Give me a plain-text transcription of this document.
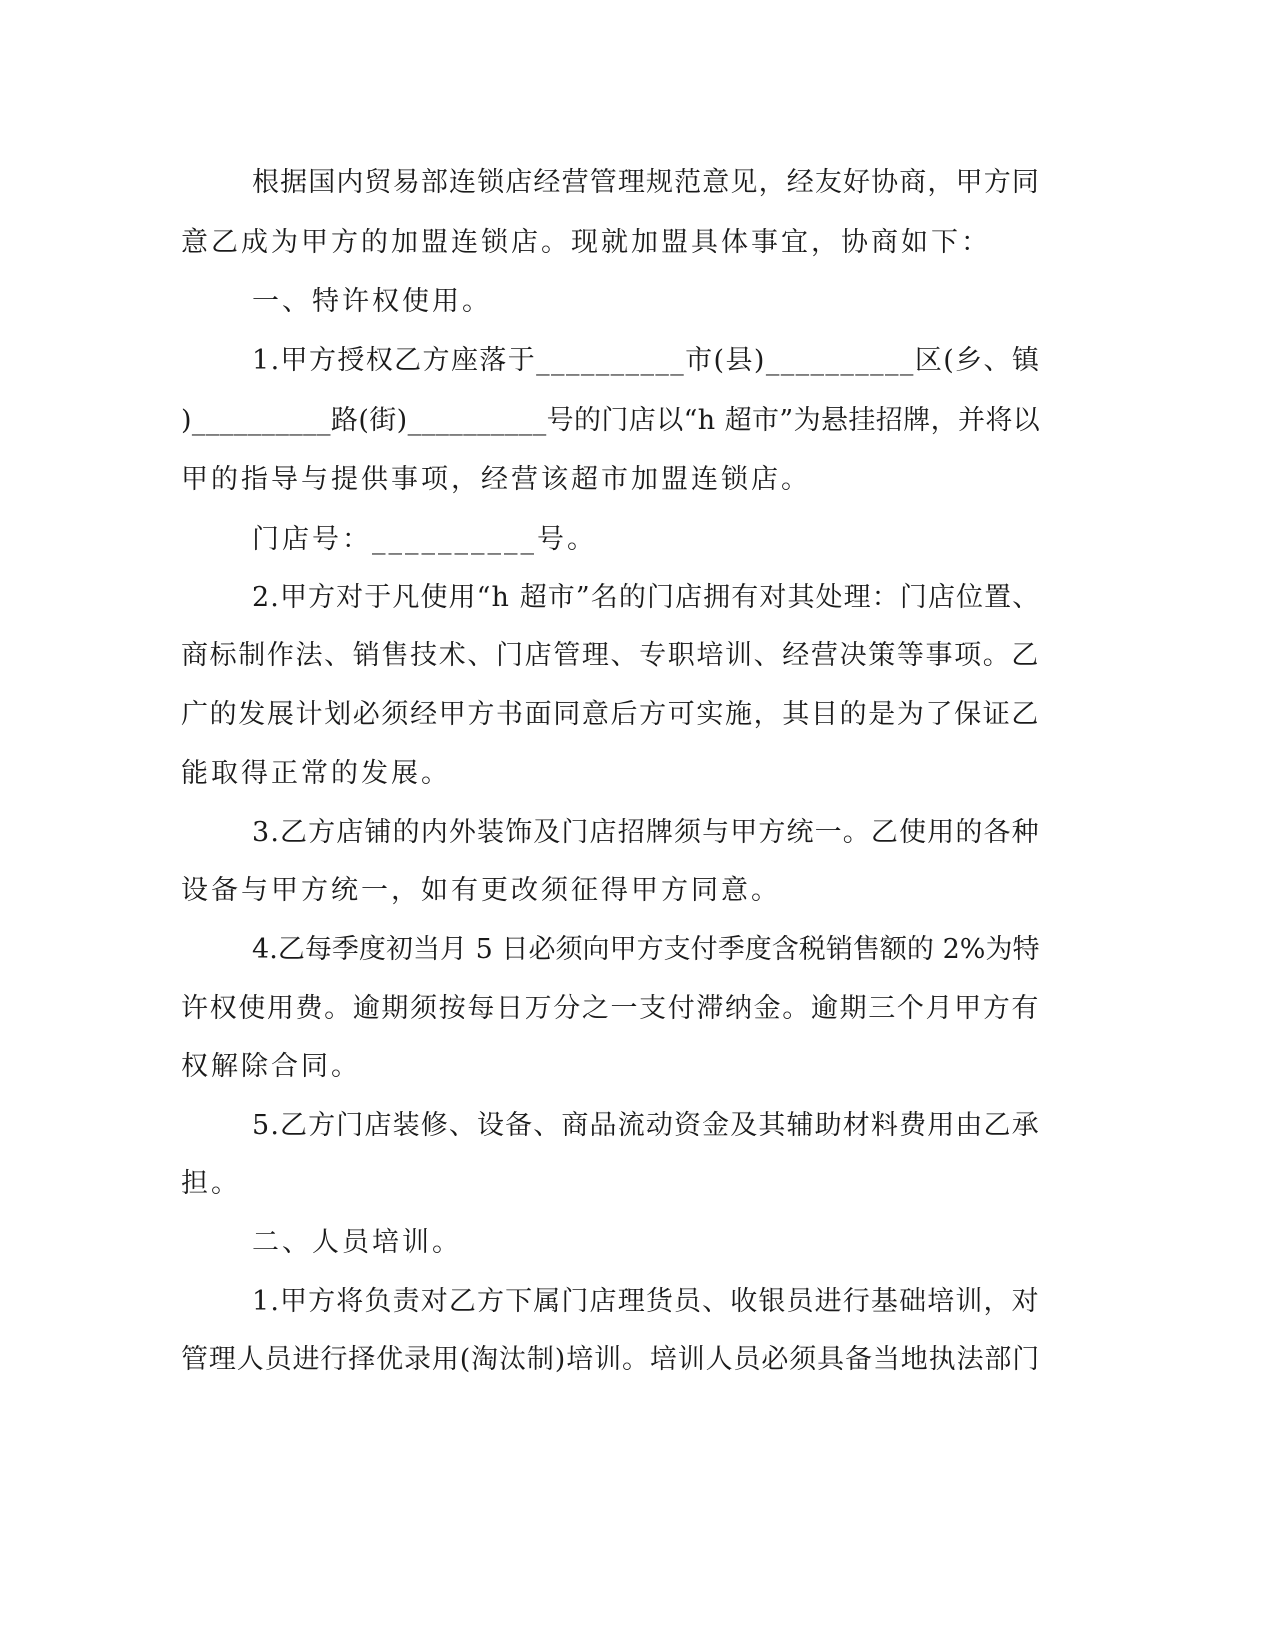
根据国内贸易部连锁店经营管理规范意见，经友好协商，甲方同
意乙成为甲方的加盟连锁店。现就加盟具体事宜，协商如下：
一、特许权使用。
1.甲方授权乙方座落于__________市(县)__________区(乡、镇
)__________路(街)__________号的门店以“h 超市”为悬挂招牌，并将以
甲的指导与提供事项，经营该超市加盟连锁店。
门店号：__________号。
2.甲方对于凡使用“h 超市”名的门店拥有对其处理：门店位置、
商标制作法、销售技术、门店管理、专职培训、经营决策等事项。乙
广的发展计划必须经甲方书面同意后方可实施，其目的是为了保证乙
能取得正常的发展。
3.乙方店铺的内外装饰及门店招牌须与甲方统一。乙使用的各种
设备与甲方统一，如有更改须征得甲方同意。
4.乙每季度初当月 5 日必须向甲方支付季度含税销售额的 2%为特
许权使用费。逾期须按每日万分之一支付滞纳金。逾期三个月甲方有
权解除合同。
5.乙方门店装修、设备、商品流动资金及其辅助材料费用由乙承
担。
二、人员培训。
1.甲方将负责对乙方下属门店理货员、收银员进行基础培训，对
管理人员进行择优录用(淘汰制)培训。培训人员必须具备当地执法部门
